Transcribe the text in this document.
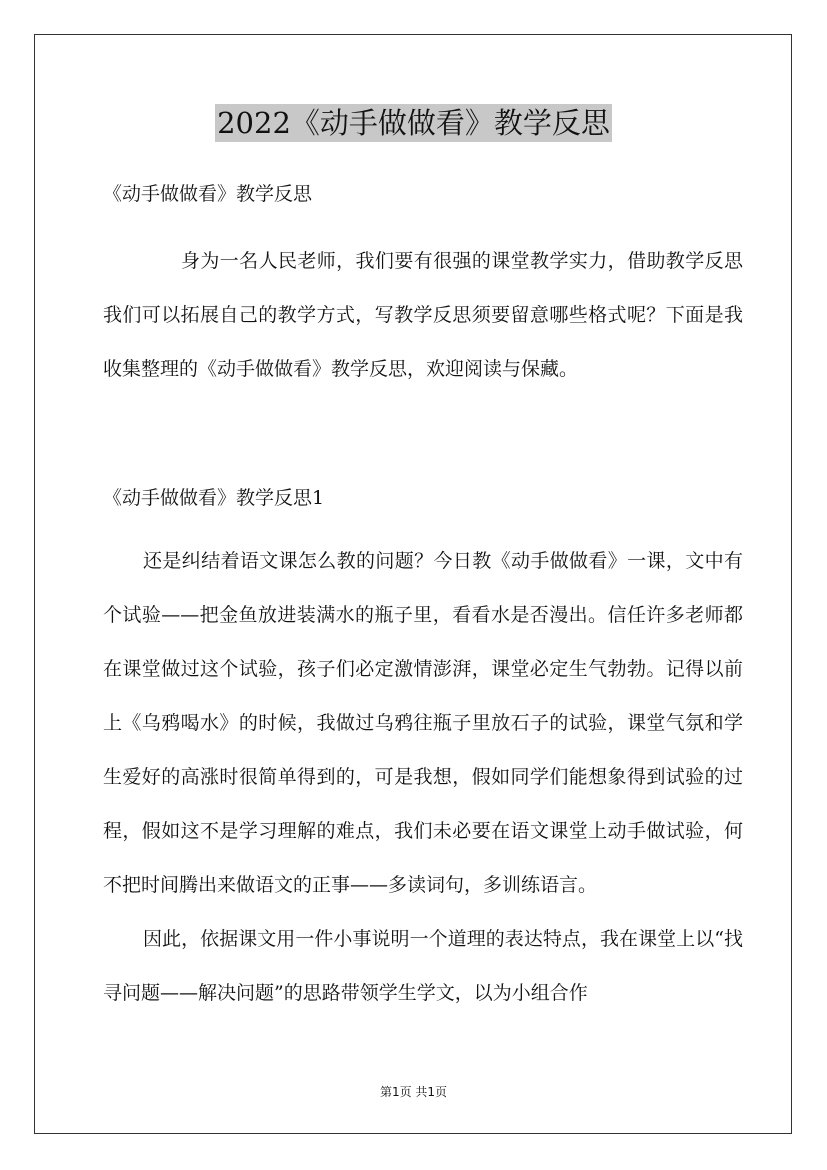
2022《动手做做看》教学反思

《动手做做看》教学反思

身为一名人民老师，我们要有很强的课堂教学实力，借助教学反思我们可以拓展自己的教学方式，写教学反思须要留意哪些格式呢？下面是我收集整理的《动手做做看》教学反思，欢迎阅读与保藏。

《动手做做看》教学反思1

还是纠结着语文课怎么教的问题？今日教《动手做做看》一课，文中有个试验——把金鱼放进装满水的瓶子里，看看水是否漫出。信任许多老师都在课堂做过这个试验，孩子们必定激情澎湃，课堂必定生气勃勃。记得以前上《乌鸦喝水》的时候，我做过乌鸦往瓶子里放石子的试验，课堂气氛和学生爱好的高涨时很简单得到的，可是我想，假如同学们能想象得到试验的过程，假如这不是学习理解的难点，我们未必要在语文课堂上动手做试验，何不把时间腾出来做语文的正事——多读词句，多训练语言。

因此，依据课文用一件小事说明一个道理的表达特点，我在课堂上以“找寻问题——解决问题”的思路带领学生学文，以为小组合作

第1页 共1页
